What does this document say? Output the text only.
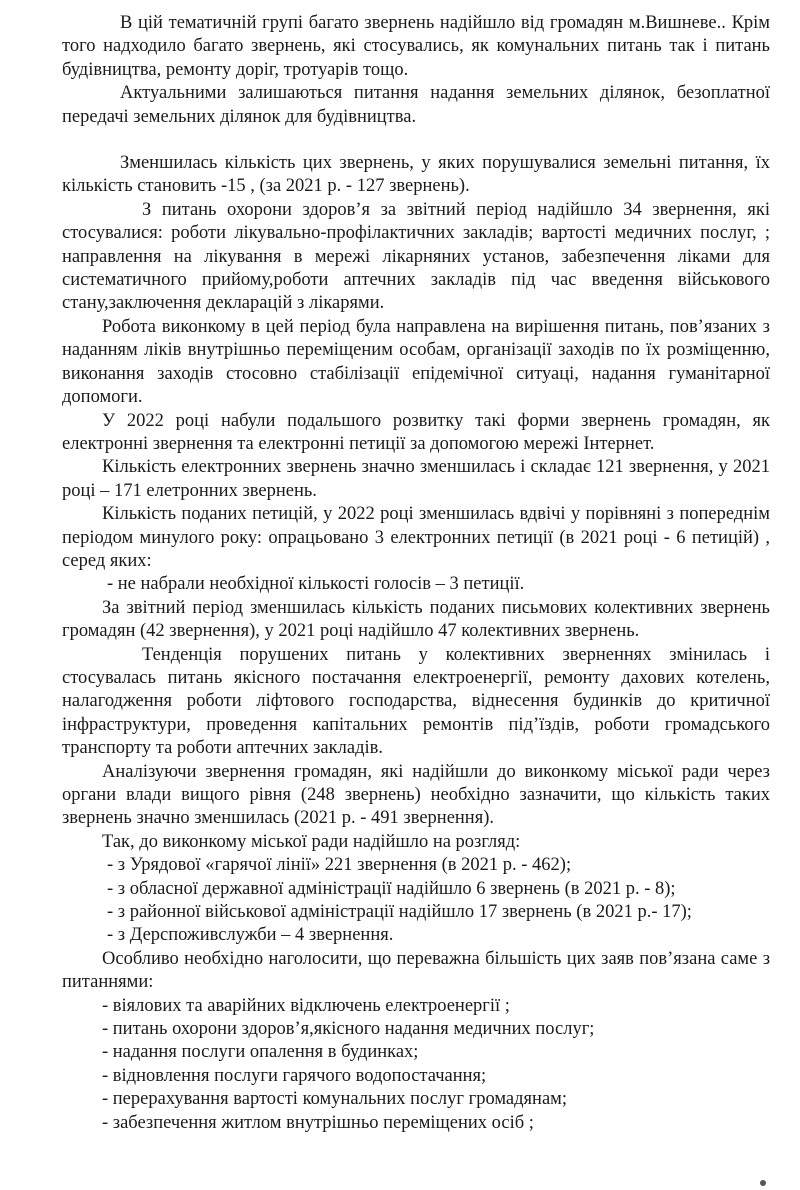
В цій тематичній групі багато звернень надійшло від громадян м.Вишневе.. Крім того надходило багато звернень, які стосувались, як комунальних питань так і питань будівництва, ремонту доріг, тротуарів тощо.

Актуальними залишаються питання надання земельних ділянок, безоплатної передачі земельних ділянок для будівництва.

Зменшилась кількість цих звернень, у яких порушувалися земельні питання, їх кількість становить -15 , (за 2021 р. - 127 звернень).

З питань охорони здоров’я за звітний період надійшло 34 звернення, які стосувалися: роботи лікувально-профілактичних закладів; вартості медичних послуг, ; направлення на лікування в мережі лікарняних установ, забезпечення ліками для систематичного прийому,роботи аптечних закладів під час введення військового стану,заключення декларацій з лікарями.

Робота виконкому в цей період була направлена на вирішення питань, пов’язаних з наданням ліків внутрішньо переміщеним особам, організації заходів по їх розміщенню, виконання заходів стосовно стабілізації епідемічної ситуаці, надання гуманітарної допомоги.

У 2022 році набули подальшого розвитку такі форми звернень громадян, як електронні звернення та електронні петиції за допомогою мережі Інтернет.

Кількість електронних звернень значно зменшилась і складає 121 звернення, у 2021 році – 171 елетронних звернень.

Кількість поданих петицій, у 2022 році зменшилась вдвічі у порівняні з попереднім періодом минулого року: опрацьовано 3 електронних петиції (в 2021 році - 6 петицій) , серед яких:

- не набрали необхідної кількості голосів – 3 петиції.

За звітний період зменшилась кількість поданих письмових колективних звернень громадян (42 звернення), у 2021 році надійшло 47 колективних звернень.

Тенденція порушених питань у колективних зверненнях змінилась і стосувалась питань якісного постачання електроенергії, ремонту дахових котелень, налагодження роботи ліфтового господарства, віднесення будинків до критичної інфраструктури, проведення капітальних ремонтів під’їздів, роботи громадського транспорту та роботи аптечних закладів.

Аналізуючи звернення громадян, які надійшли до виконкому міської ради через органи влади вищого рівня (248 звернень) необхідно зазначити, що кількість таких звернень значно зменшилась (2021 р. - 491 звернення).

Так, до виконкому міської ради надійшло на розгляд:

- з Урядової «гарячої лінії» 221 звернення (в 2021 р. - 462);

- з обласної державної адміністрації надійшло 6 звернень (в 2021 р. - 8);

- з районної військової адміністрації надійшло 17 звернень (в 2021 р.- 17);

- з Дерспоживслужби – 4 звернення.

Особливо необхідно наголосити, що переважна більшість цих заяв пов’язана саме з питаннями:

- віялових та аварійних відключень електроенергії ;

- питань охорони здоров’я,якісного надання медичних послуг;

- надання послуги опалення в будинках;

- відновлення послуги гарячого водопостачання;

- перерахування вартості комунальних послуг громадянам;

- забезпечення житлом внутрішньо переміщених осіб ;
